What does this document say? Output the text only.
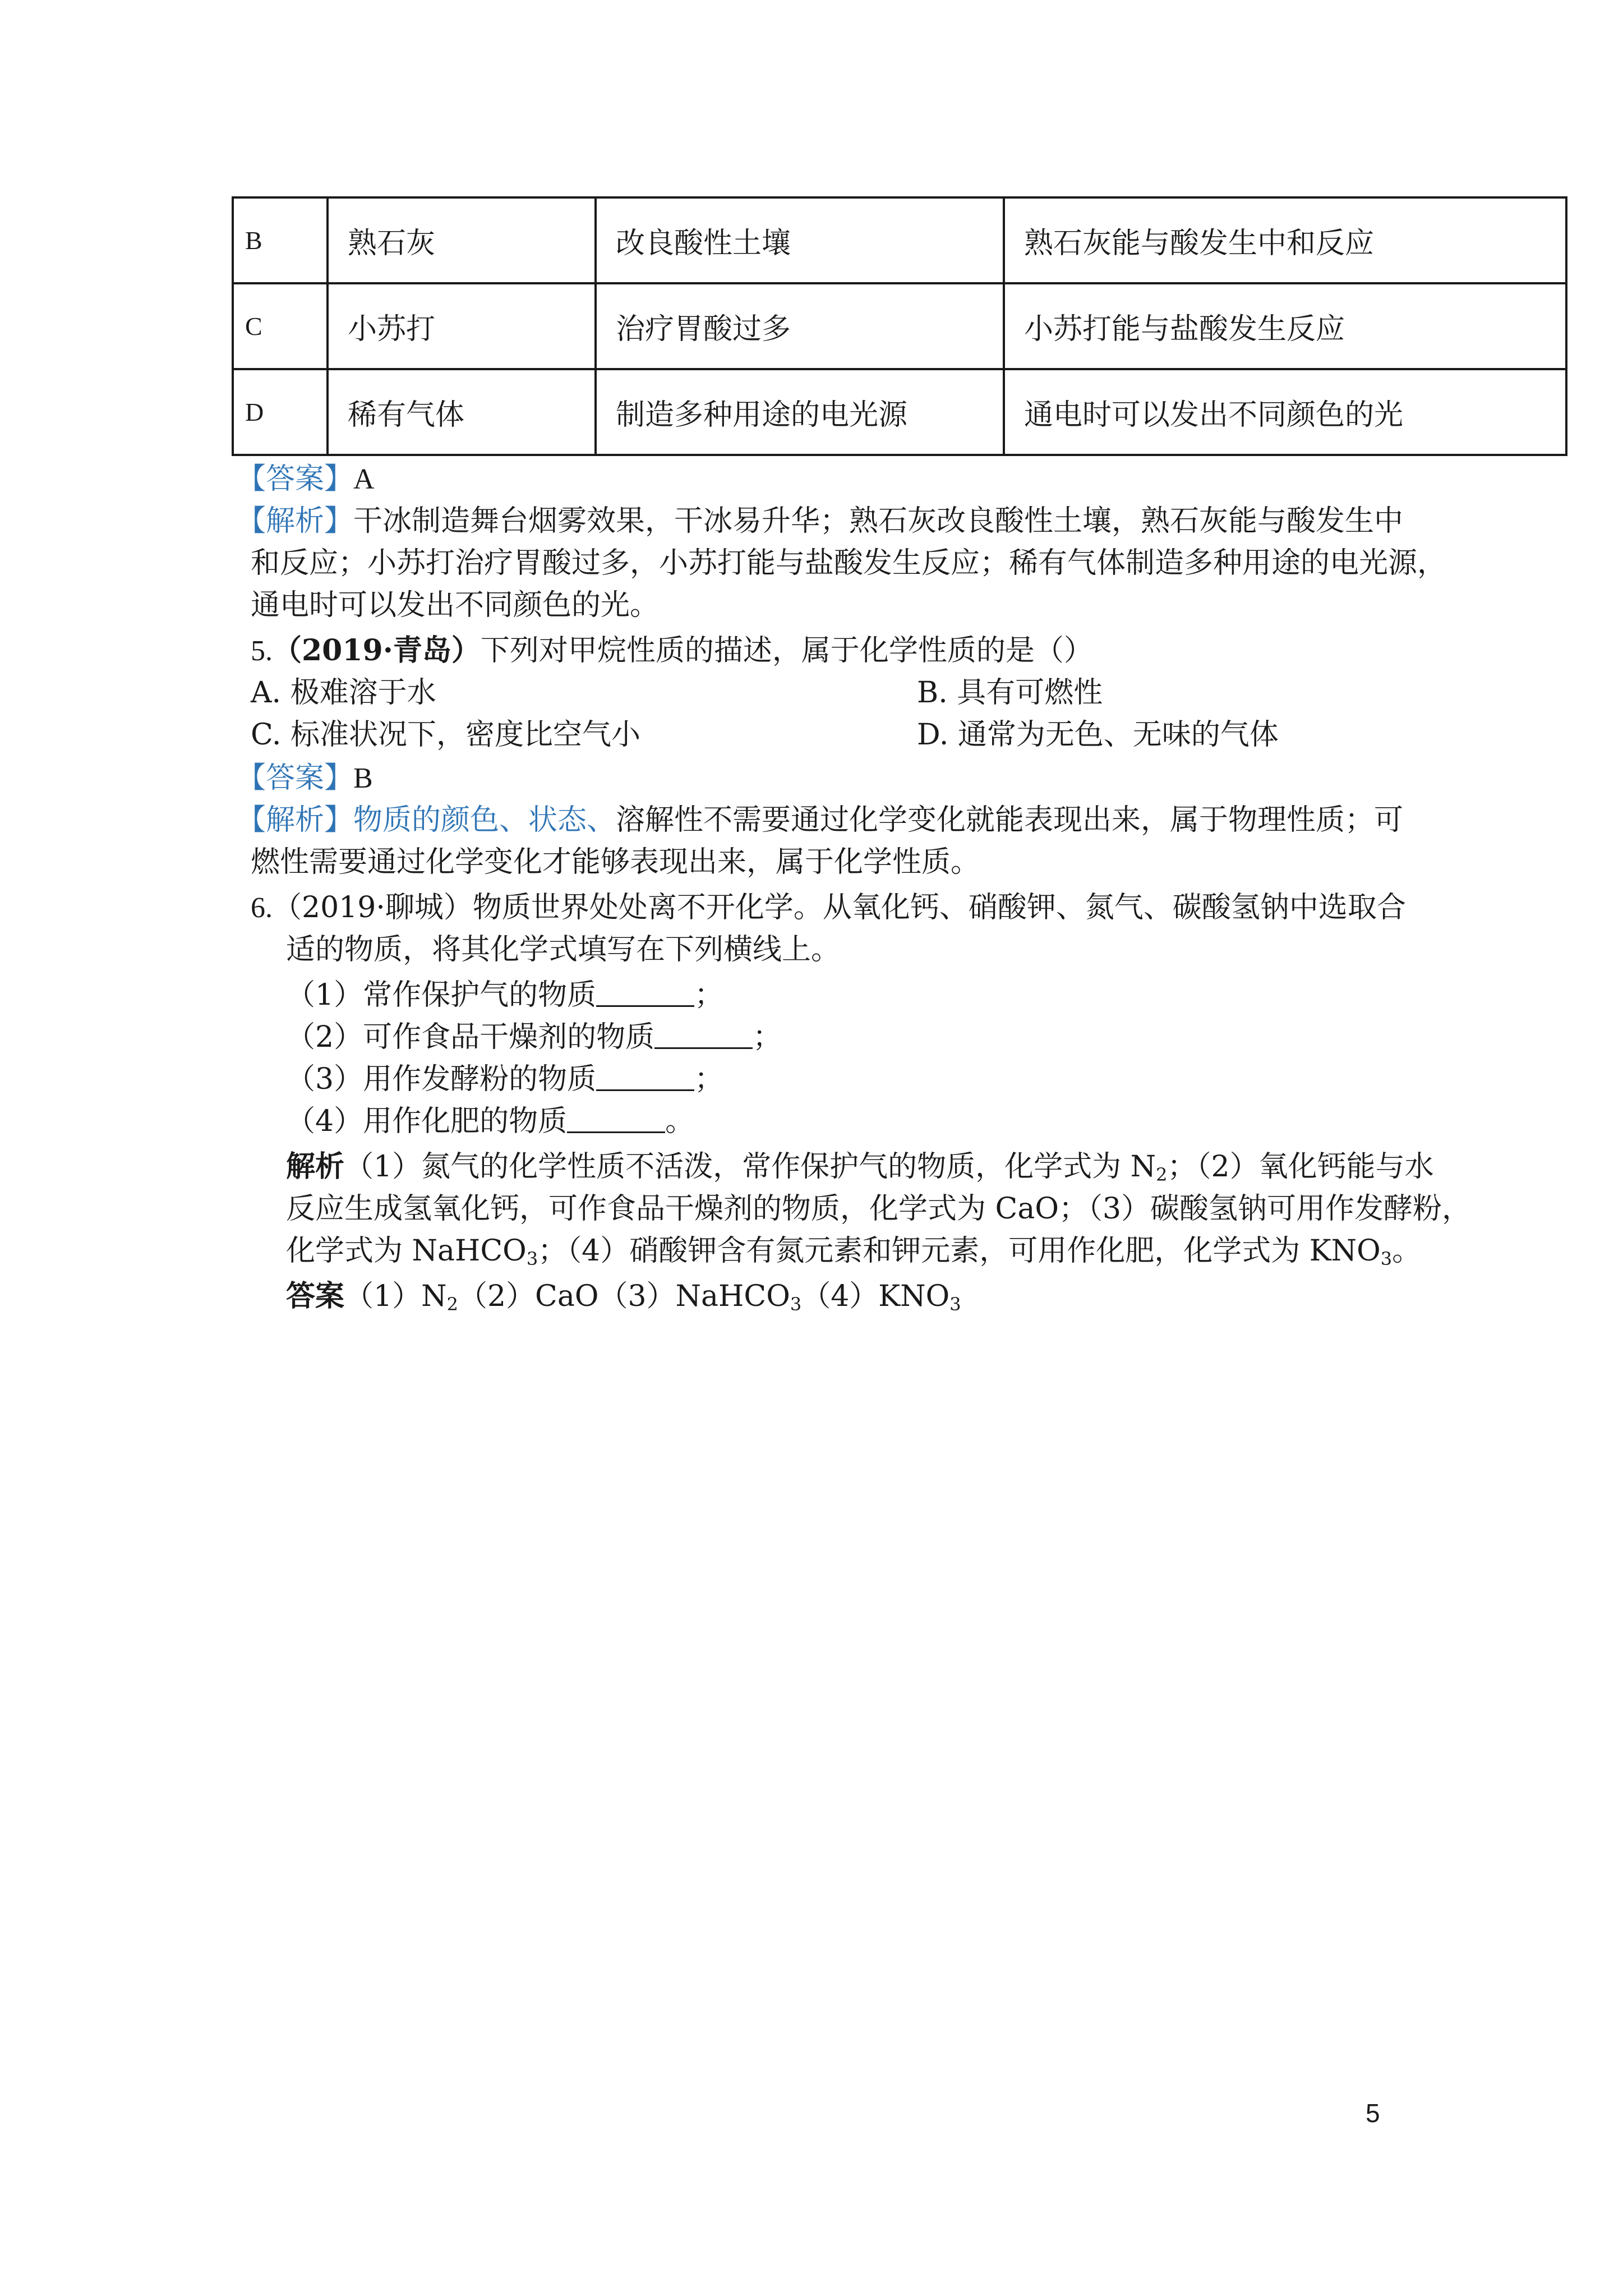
B	熟石灰	改良酸性土壤	熟石灰能与酸发生中和反应
C	小苏打	治疗胃酸过多	小苏打能与盐酸发生反应
D	稀有气体	制造多种用途的电光源	通电时可以发出不同颜色的光
【答案】A
【解析】干冰制造舞台烟雾效果，干冰易升华；熟石灰改良酸性土壤，熟石灰能与酸发生中
和反应；小苏打治疗胃酸过多，小苏打能与盐酸发生反应；稀有气体制造多种用途的电光源，
通电时可以发出不同颜色的光。
5.（2019·青岛）下列对甲烷性质的描述，属于化学性质的是（）
A. 极难溶于水	B. 具有可燃性
C. 标准状况下，密度比空气小	D. 通常为无色、无味的气体
【答案】B
【解析】物质的颜色、状态、溶解性不需要通过化学变化就能表现出来，属于物理性质；可
燃性需要通过化学变化才能够表现出来，属于化学性质。
6.（2019·聊城）物质世界处处离不开化学。从氧化钙、硝酸钾、氮气、碳酸氢钠中选取合
适的物质，将其化学式填写在下列横线上。
（1）常作保护气的物质	；
（2）可作食品干燥剂的物质	；
（3）用作发酵粉的物质	；
（4）用作化肥的物质	。
解析（1）氮气的化学性质不活泼，常作保护气的物质，化学式为 $N_2$；（2）氧化钙能与水
反应生成氢氧化钙，可作食品干燥剂的物质，化学式为 CaO；（3）碳酸氢钠可用作发酵粉，
化学式为 NaHCO$_3$；（4）硝酸钾含有氮元素和钾元素，可用作化肥，化学式为 $KNO_3$。
答案$(1)N_2(2)CaO(3)NaHCO_3(4)KNO_3$
5
